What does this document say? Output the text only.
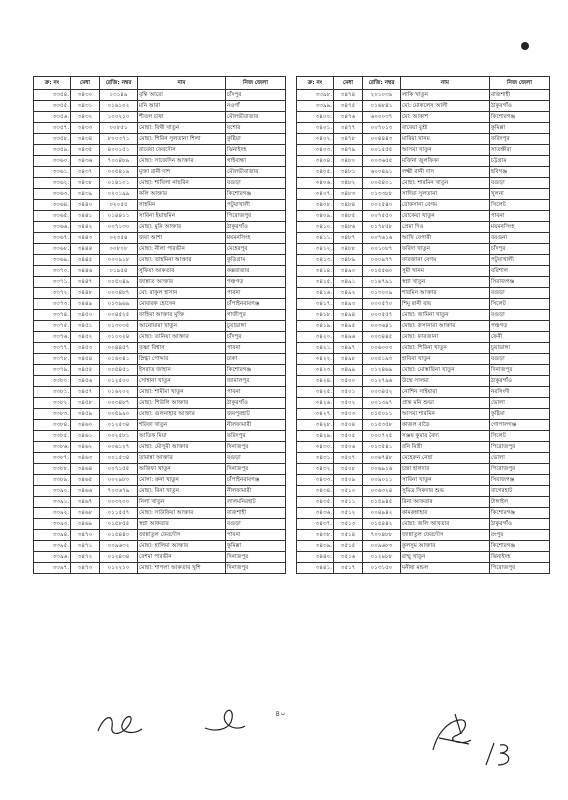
ক্র: নং	মেধা	রেজি: নম্বর	নাম	নিজ জেলা
৩৩৫৪.	৩৪৩০	১৩১৪৯	বৃন্তি আরো	চাঁদপুর
৩৩৫৫.	৩৪৩১	০১৬১০২	মনি আরা	নওগাঁ
৩৩৫৬.	৩৪৩২	১০০২১০	শীতল চাষা	মৌলভীবাজার
৩৩৫৭.	৩৪৩৩	০০৮৫১	মোছা: বিথী খাতুন	যশোর
৩৩৫৮.	৩৪৩৪	৮০০৩৭১	মোছা: শিরিন সুলতানা শিলা	কুষ্টিয়া
৩৩৫৯.	৩৪৩৫	৪০০১৫১	রাবেয়া ফেরদৌস	ঝিনাইদহ
৩৩৬০.	৩৪৩৬	৭০০৪৮৯	মোছা: সাজেদিন আক্তার	গাইবান্ধা
৩৩৬১.	৩৪৩৭	০০৫৪১৯	মুক্তা রানী দাশ	মৌলভীবাজার
৩৩৬২.	৩৪৩৮	০১৪১০১	মোছা: শাখিলা নাছরিন	বগুড়া
৩৩৬৩.	৩৪৩৯	০২০১৯৯	কলি আক্তার	কিশোরগঞ্জ
৩৩৬৪.	৩৪৪০	০২০৫৫	সাহমিন	পটুয়াখালী
৩৩৬৫.	৩৪৪১	০১৪৪১১	সাবিনা ইয়াছমিন	পিরোজপুর
৩৩৬৬.	৩৪৪২	০০৭১৩০	মোছা: মুনি আক্তার	ঠাকুরগাঁও
৩৩৬৭.	৩৪৪৩	০২৩৫৪	জয়া আশা	ময়মনসিংহ
৩৩৬৮.	৩৪৪৪	০০৮০৮	মোছা: নীলা পারভীন	মেহেরপুর
৩৩৬৯.	৩৪৪৫	০০০৯১৮	মোছা: তাহমিনা আক্তার	কুড়িগ্রাম
৩৩৭০.	৩৪৪৬	০১৯৫৪	সুফিয়া আকতার	কক্সবাজার
৩৩৭১.	৩৪৪৭	০০৫০৪৯	জান্নাত আক্তার	পঞ্চগড়
৩৩৭২.	৩৪৪৮	০০০৪৮৭	মো: রাকুল হাসান	পাবনা
৩৩৭৩.	৩৪৪৯	০১৩৯৬৯	মোবারক হোসেন	চাঁপাইনবাবগঞ্জ
৩৩৭৪.	৩৪৫০	০০৪৫২৫	ফাহিমা আক্তার মুক্তি	গাজীপুর
৩৩৭৫.	৩৪৫১	০১৩০৩৫	আনোয়ারা খাতুন	চুয়াডাঙ্গা
৩৩৭৬.	৩৪৫২	০১০০২৪	মোছা: তানিয়া আক্তার	চাঁদপুর
৩৩৭৭.	৩৪৫৩	০০৪৪৫৭	তৃষ্ণা বিশ্বাস	পাবনা
৩৩৭৮.	৩৪৫৪	০১৬০৪১	স্নিগ্ধা পোদ্দার	ঢাকা
৩৩৭৯.	৩৪৫৫	০০৫৪৫১	ইসরাত জাহান	কিশোরগঞ্জ
৩৩৮০.	৩৪৫৬	০১২৫০০	সোহানা খাতুন	জামালপুর
৩৩৮১.	৩৪৫৭	০১৬২০২	মোছা: শামীমা খাতুন	পাবনা
৩৩৮২.	৩৪৫৮	০০৩৪৮৭	মোছা: শিউলি আক্তার	ঠাকুরগাঁও
৩৩৮৩.	৩৪৫৯	০০৫৯৯০	মোছা: গুলনাহার আক্তার	জয়পুরহাট
৩৩৮৪.	৩৪৬০	০১২৫৩৪	শরিফা খাতুন	নীলফামারী
৩৩৮৫.	৩৪৬১	০০২৫৮১	আতিক মিয়া	ফরিদপুর
৩৩৮৬.	৩৪৬২	০০৬১২৭	মোছা: মৌসুমী আক্তার	দিনাজপুর
৩৩৮৭.	৩৪৬৩	০০১৫৩৪	তামান্না আক্তার	বগুড়া
৩৩৮৮.	৩৪৬৪	০০৭১৫৫	অজিফা খাতুন	দিনাজপুর
৩৩৮৯.	৩৪৬৫	০০২৯৮০	মোসা: রুনা খাতুন	চাঁপাইনবাবগঞ্জ
৩৩৯০.	৩৪৬৬	৭০০৬৭৯	মোছা: রিনা খাতুন	নীলফামারী
৩৩৯১.	৩৪৬৭	০০৩২০০	নিলা খাতুন	লালমনিরহাট
৩৩৯২.	৩৪৬৮	০১১৫৫৭	মোছা: সাউফিয়া আক্তার	রাজশাহী
৩৩৯৩.	৩৪৬৯	০১৫৮৫৫	স্বপ্না আকতার	বগুড়া
৩৩৯৪.	৩৪৭০	০১৫৪৪০	জান্নাতুল ফেরদৌস	পাবনা
৩৩৯৫.	৩৪৭১	০০৯৬৩২	মোছা: হালিমা আক্তার	কুমিল্লা
৩৩৯৬.	৩৪৭২	০১২৪৩৪	রেশমা পারভীন	দিনাজপুর
৩৩৯৭.	৩৪৭৩	০১২২১০	মোছা: শাপলা আকতার খুশি	দিনাজপুর
ক্র: নং	মেধা	রেজি: নম্বর	নাম	নিজ জেলা
৩৩৯৮.	৩৪৭৪	২০১০৩৯	লাকি খাতুন	রাজশাহী
৩৩৯৯.	৩৪৭৫	০১৬৮৪১	মো: মোকলেস আলী	ঠাকুরগাঁও
৩৪০০.	৩৪৭৬	৬০০০৩৭	মো: আকাশ	কিশোরগঞ্জ
৩৪০১.	৩৪৭৭	০০৭০১৩	রাবেয়া বুশ্রী	কুমিল্লা
৩৪০২.	৩৪৭৮	০০৪৪৪৩	মারিয়া খানম	ফরিদপুর
৩৪০৩.	৩৪৭৯	০০১৫৫৫	আসমা খাতুন	সাতক্ষীরা
৩৪০৪.	৩৪৮০	০০৩৬৫৫	মর্জিনা জুলফিকা	চট্টগ্রাম
৩৪০৫.	৩৪৮১	৬০০৪৯১	লক্ষ্মী রানী দাস	হবিগঞ্জ
৩৪০৬.	৩৪৮২	০০৫৪০১	মোছা: শারমিন খাতুন	বগুড়া
৩৪০৭.	৩৪৮৩	০১৩৩৮৮	সাদিয়া সুলতানা	খুলনা
৩৪০৮.	৩৪৮৪	০০২৫৪০	রোকসানা বেগম	সিলেট
৩৪০৯.	৩৪৮৫	০০৭৫৫০	রোকেয়া খাতুন	পাবনা
৩৪১০.	৩৪৮৬	০১৭৮৫৮	প্রেমা দিও	ময়মনসিংহ
৩৪১১.	৩৪৮৭	০০৭৬১৬	আখি বেপারী	বরগুনা
৩৪১২.	৩৪৮৮	০০১০৮৭	ফরিদা খাতুন	চাঁদপুর
৩৪১৩.	৩৪৮৯	০০০৯৭৭	ফারজানা বেগম	পটুয়াখালী
৩৪১৪.	৩৪৯০	০১৫৫৬০	সুমী খানম	বরিশাল
৩৪১৫.	৩৪৯১	০১৬৭৯১	স্বপ্না খাতুন	সিরাজগঞ্জ
৩৪১৬.	৩৪৯২	০১৩০০৯	শারমিন আক্তার	বগুড়া
৩৪১৭.	৩৪৯৩	০০০৫৭০	শিমু রানী রায়	সিলেট
৩৪১৮.	৩৪৯৪	০০০৫৫৭	মোছা: জামিনা খাতুন	বগুড়া
৩৪১৯.	৩৪৯৫	০০৩৬৪১	মোছা: রুসানারা আক্তার	পঞ্চগড়
৩৪২০.	৩৪৯৬	০০৩৪৪৫	মোছা: ফারজানা	ফেনী
৩৪২১.	৩৪৯৭	০০৬০০৩	মোছা: শিরিনা খাতুন	চুয়াডাঙ্গা
৩৪২২.	৩৪৯৮	০০৫১৯৩	হাবিবা খাতুন	বগুড়া
৩৪২৩.	৩৪৯৯	০১২৪৬৯	মোছা: মোস্তারিনা খাতুন	দিনাজপুর
৩৪২৪.	৩৫০০	০১২৭৯৬	উম্মে সালমা	ঠাকুরগাঁও
৩৪২৫.	৩৫০১	০০৩৪৫২	নোশিন সাইয়ারা	নরসিংদী
৩৪২৬.	৩৫০২	০০১৩৯৭	প্রান্ত মনি শুভা	ভোলা
৩৪২৭.	৩৫০৩	০১৫০১১	আসমা শারমিন	কুষ্টিয়া
৩৪২৮.	৩৫০৪	০১৫৩৫৮	কাজল বাড়ৈ	গোপালগঞ্জ
৩৪২৯.	৩৫০৫	০০০৭২৫	সঞ্জয় কুমার বৈদ্য	সিলেট
৩৪৩০.	৩৫০৬	০১৩৫৪১	রনি মিস্ত্রী	পিরোজপুর
৩৪৩১.	৩৫০৭	০০৬৭৪৮	মেহেরুন নেছা	ভোলা
৩৪৩২.	৩৫০৮	০০৬৯১৬	চন্দ্রা হালদার	পিরোজপুর
৩৪৩৩.	৩৫০৯	০০৯০১১	সাবিনা খাতুন	সিরাজগঞ্জ
৩৪৩৪.	৩৫১০	০০৬৩২৪	সুমিত্র সিকদার শুভ	বাগেরহাট
৩৪৩৫.	৩৫১১	০১৫৯৪৫	রিনা আকতার	টাঙ্গাইল
৩৪৩৬.	৩৫১২	০০৪৯৪২	কামরুন্নাহার	কিশোরগঞ্জ
৩৪৩৭.	৩৫১৩	০১৫৪৪২	মোছা: জলি আখতার	ঠাকুরগাঁও
৩৪৩৮.	৩৫১৪	৭০০৪৮৮	জান্নাতুল ফেরদৌস	রংপুর
৩৪৩৯.	৩৫১৫	০০৯৬৮৩	কুলসুম আক্তার	কিশোরগঞ্জ
৩৪৪০.	৩৫১৬	০১২৯৮৮	রাম্মু খাতুন	ঝিনাইদহ
৩৪৪১.	৩৫১৭	০১৩১৫০	মনীষা মন্ডল	পিরোজপুর
৪০
